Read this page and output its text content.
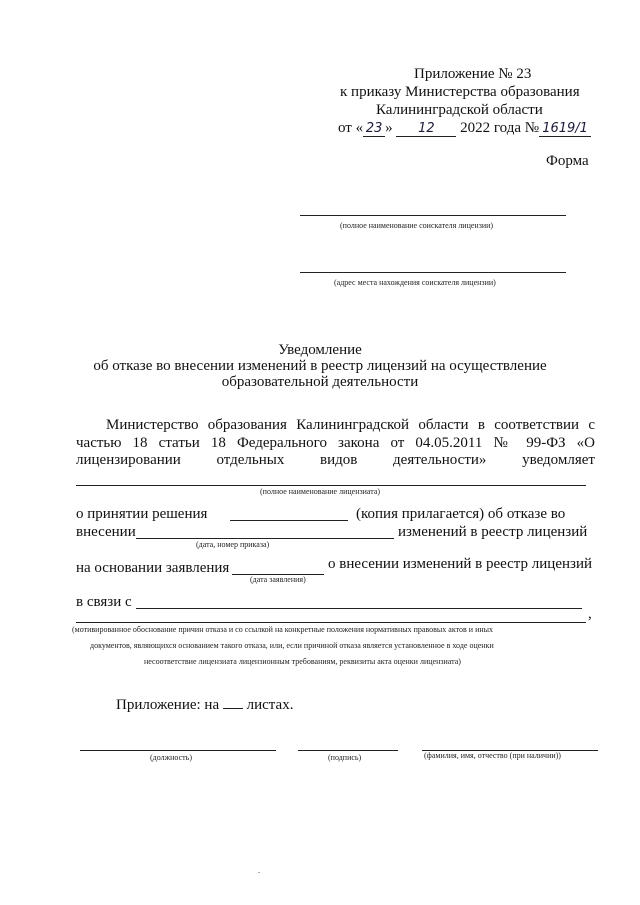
Приложение № 23
к приказу Министерства образования
Калининградской области
от « 23 » 12 2022 года № 1619/1
Форма
(полное наименование соискателя лицензии)
(адрес места нахождения соискателя лицензии)
Уведомление
об отказе во внесении изменений в реестр лицензий на осуществление
образовательной деятельности
Министерство образования Калининградской области в соответствии с
частью 18 статьи 18 Федерального закона от 04.05.2011 № 99-ФЗ «О
лицензировании отдельных видов деятельности» уведомляет
(полное наименование лицензиата)
о принятии решения	(копия прилагается) об отказе во
внесении	изменений в реестр лицензий
(дата, номер приказа)
на основании заявления	о внесении изменений в реестр лицензий
(дата заявления)
в связи с
,
(мотивированное обоснование причин отказа и со ссылкой на конкретные положения нормативных правовых актов и иных
документов, являющихся основанием такого отказа, или, если причиной отказа является установленное в ходе оценки
несоответствие лицензиата лицензионным требованиям, реквизиты акта оценки лицензиата)
Приложение: на листах.
(должность)	(подпись)	(фамилия, имя, отчество (при наличии))
.
